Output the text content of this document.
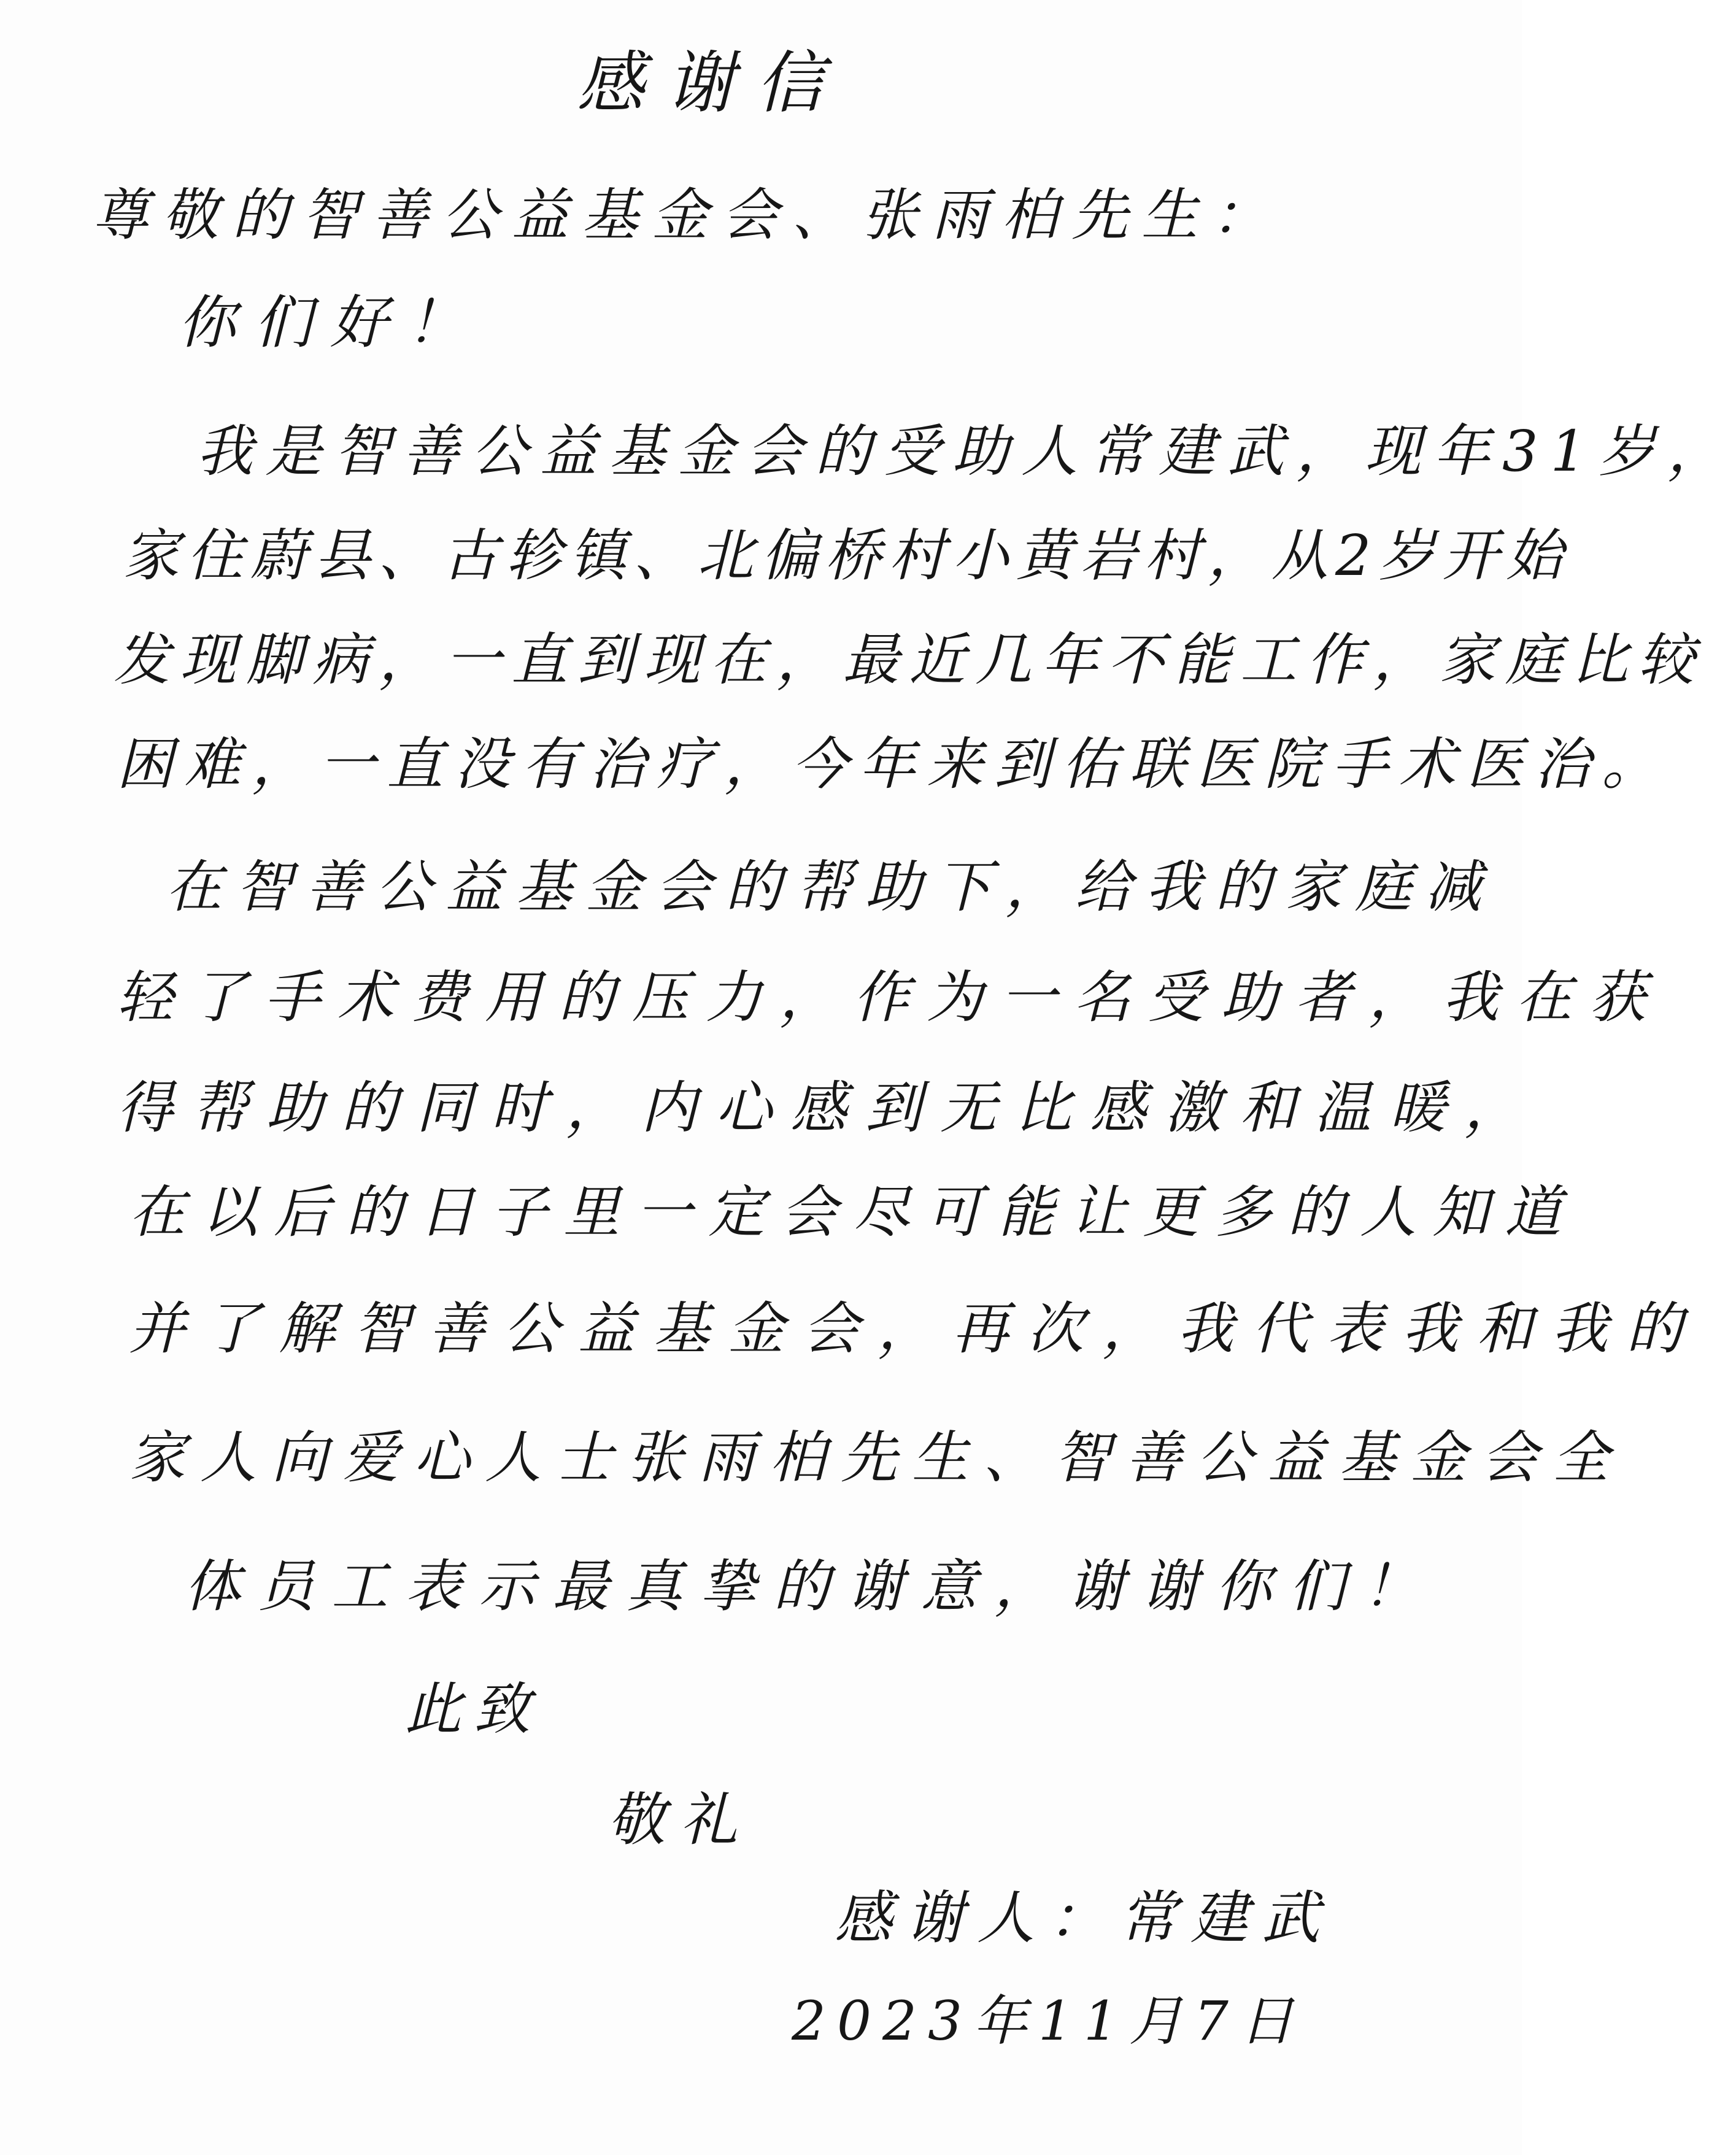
感谢信
尊敬的智善公益基金会、张雨柏先生：
你们好！
我是智善公益基金会的受助人常建武，现年31岁，
家住蔚县、古轸镇、北偏桥村小黄岩村，从2岁开始
发现脚病，一直到现在，最近几年不能工作，家庭比较
困难，一直没有治疗，今年来到佑联医院手术医治。
在智善公益基金会的帮助下，给我的家庭减
轻了手术费用的压力，作为一名受助者，我在获
得帮助的同时，内心感到无比感激和温暖，
在以后的日子里一定会尽可能让更多的人知道
并了解智善公益基金会，再次，我代表我和我的
家人向爱心人士张雨柏先生、智善公益基金会全
体员工表示最真挚的谢意，谢谢你们！
此致
敬礼
感谢人：常建武
2023年11月7日
